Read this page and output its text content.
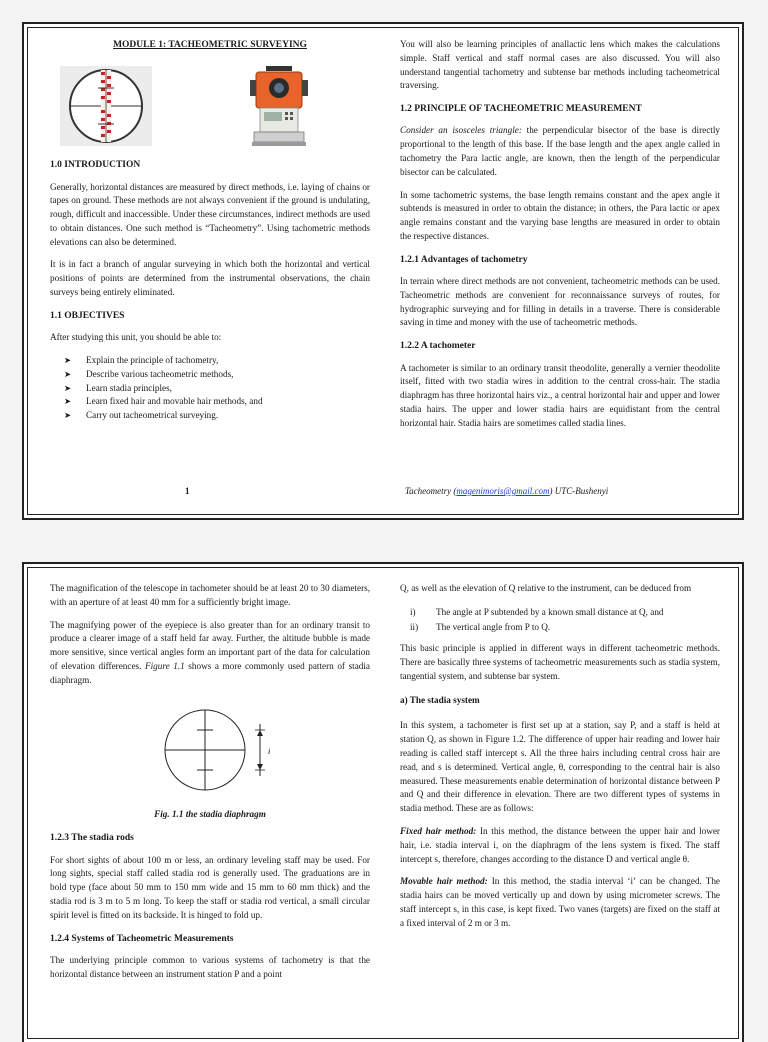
MODULE 1: TACHEOMETRIC SURVEYING
1.0 INTRODUCTION

Generally, horizontal distances are measured by direct methods, i.e. laying of chains or tapes on ground. These methods are not always convenient if the ground is undulating, rough, difficult and inaccessible. Under these circumstances, indirect methods are used to obtain distances. One such method is “Tacheometry”. Using tachometric methods elevations can also be determined.

It is in fact a branch of angular surveying in which both the horizontal and vertical positions of points are determined from the instrumental observations, the chain surveys being entirely eliminated.

1.1 OBJECTIVES

After studying this unit, you should be able to:

➤ Explain the principle of tachometry,
➤ Describe various tacheometric methods,
➤ Learn stadia principles,
➤ Learn fixed hair and movable hair methods, and
➤ Carry out tacheometrical surveying.

You will also be learning principles of anallactic lens which makes the calculations simple. Staff vertical and staff normal cases are also discussed. You will also understand tangential tachometry and subtense bar methods including tacheometrical traversing.

1.2 PRINCIPLE OF TACHEOMETRIC MEASUREMENT

Consider an isosceles triangle: the perpendicular bisector of the base is directly proportional to the length of this base. If the base length and the apex angle called in tachometry the Para lactic angle, are known, then the length of the perpendicular bisector can be calculated.

In some tachometric systems, the base length remains constant and the apex angle it subtends is measured in order to obtain the distance; in others, the Para lactic or apex angle remains constant and the varying base lengths are measured in order to obtain the respective distances.

1.2.1 Advantages of tachometry

In terrain where direct methods are not convenient, tacheometric methods can be used. Tacheometric methods are convenient for reconnaissance surveys of routes, for hydrographic surveying and for filling in details in a traverse. There is considerable saving in time and money with the use of tacheometric methods.

1.2.2 A tachometer

A tachometer is similar to an ordinary transit theodolite, generally a vernier theodolite itself, fitted with two stadia wires in addition to the central cross-hair. The stadia diaphragm has three horizontal hairs viz., a central horizontal hair and upper and lower stadia hairs. The upper and lower stadia hairs are equidistant from the central horizontal hair. Stadia hairs are sometimes called stadia lines.

1	Tacheometry (magenimoris@gmail.com) UTC-Bushenyi

The magnification of the telescope in tachometer should be at least 20 to 30 diameters, with an aperture of at least 40 mm for a sufficiently bright image.

The magnifying power of the eyepiece is also greater than for an ordinary transit to produce a clearer image of a staff held far away. Further, the altitude bubble is made more sensitive, since vertical angles form an important part of the data for calculation of elevation differences. Figure 1.1 shows a more commonly used pattern of stadia diaphragm.

i
Fig. 1.1 the stadia diaphragm
1.2.3 The stadia rods

For short sights of about 100 m or less, an ordinary leveling staff may be used. For long sights, special staff called stadia rod is generally used. The graduations are in bold type (face about 50 mm to 150 mm wide and 15 mm to 60 mm thick) and the stadia rod is 3 m to 5 m long. To keep the staff or stadia rod vertical, a small circular spirit level is fitted on its backside. It is hinged to fold up.

1.2.4 Systems of Tacheometric Measurements

The underlying principle common to various systems of tachometry is that the horizontal distance between an instrument station P and a point

Q, as well as the elevation of Q relative to the instrument, can be deduced from

i)	The angle at P subtended by a known small distance at Q, and
ii)	The vertical angle from P to Q.

This basic principle is applied in different ways in different tacheometric methods. There are basically three systems of tacheometric measurements such as stadia system, tangential system, and subtense bar system.

a) The stadia system

In this system, a tachometer is first set up at a station, say P, and a staff is held at station Q, as shown in Figure 1.2. The difference of upper hair reading and lower hair reading is called staff intercept s. All the three hairs including central cross hair are read, and s is determined. Vertical angle, θ, corresponding to the central hair is also measured. These measurements enable determination of horizontal distance between P and Q and their difference in elevation. There are two different types of systems in stadia method. These are as follows:

Fixed hair method: In this method, the distance between the upper hair and lower hair, i.e. stadia interval i, on the diaphragm of the lens system is fixed. The staff intercept s, therefore, changes according to the distance D and vertical angle θ.

Movable hair method: In this method, the stadia interval ‘i’ can be changed. The stadia hairs can be moved vertically up and down by using micrometer screws. The staff intercept s, in this case, is kept fixed. Two vanes (targets) are fixed on the staff at a fixed interval of 2 m or 3 m.
